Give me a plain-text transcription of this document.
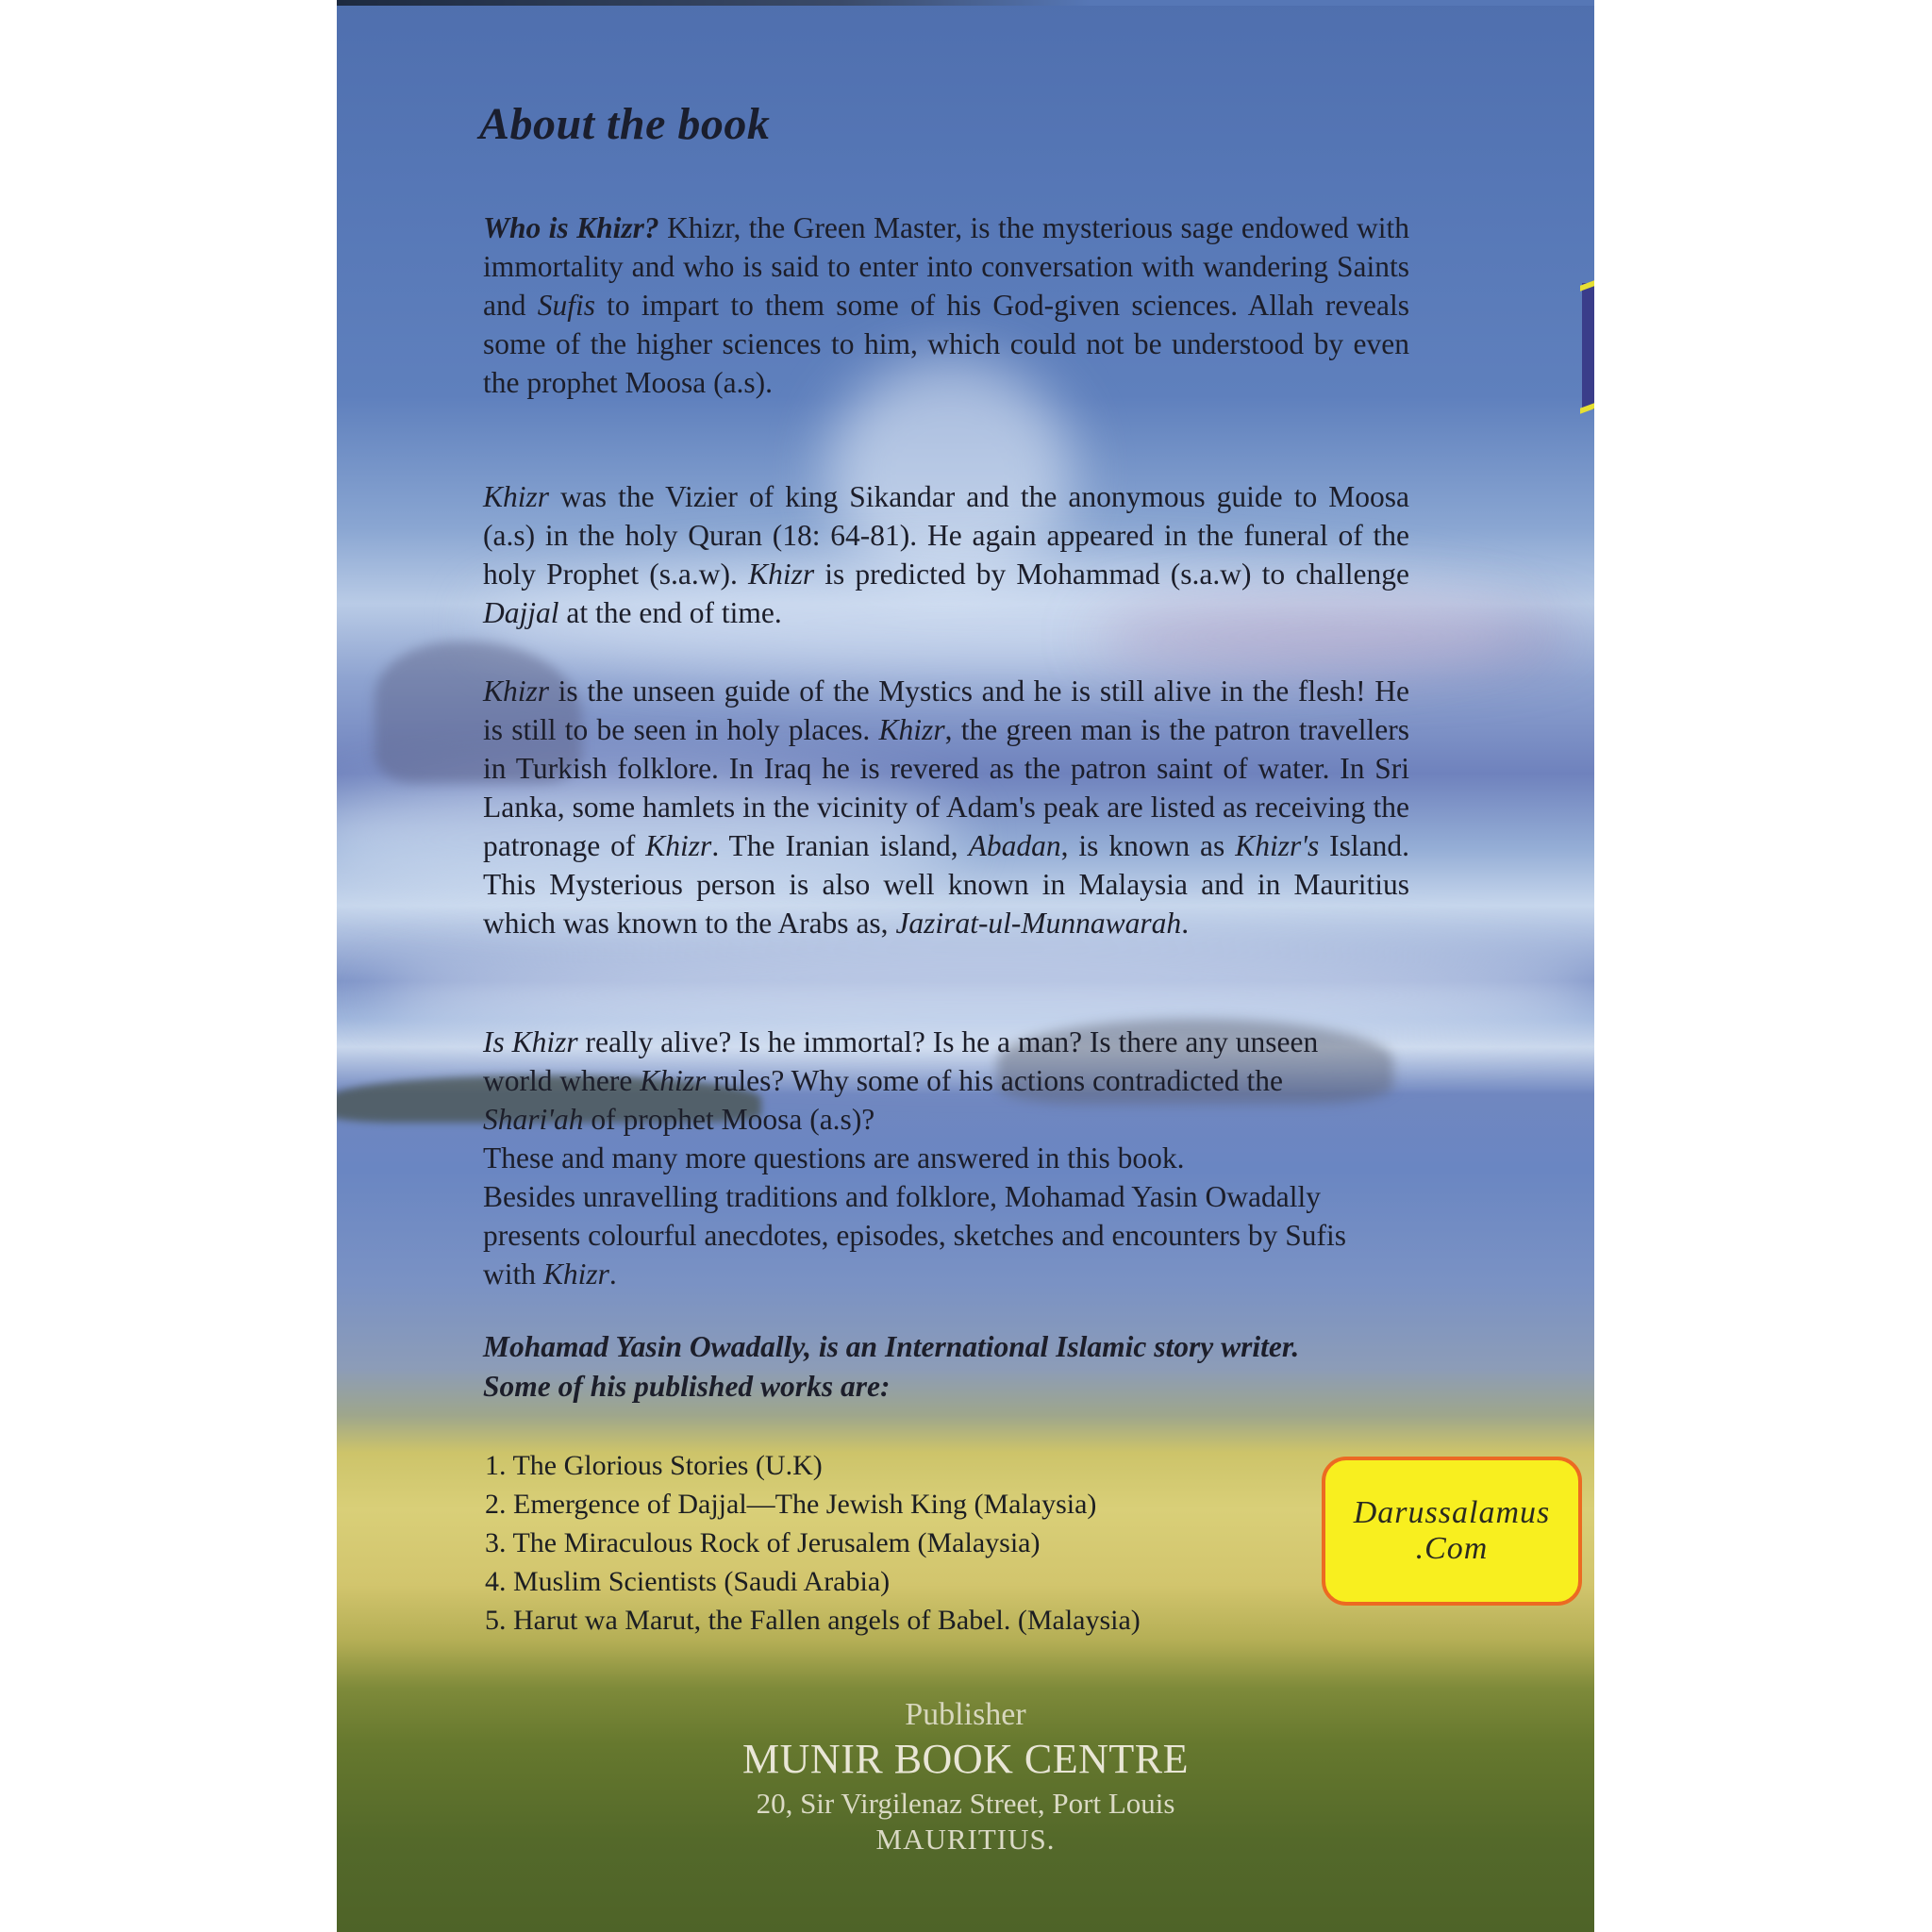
About the book

Who is Khizr? Khizr, the Green Master, is the mysterious sage endowed with immortality and who is said to enter into conversation with wandering Saints and Sufis to impart to them some of his God-given sciences. Allah reveals some of the higher sciences to him, which could not be understood by even the prophet Moosa (a.s).

Khizr was the Vizier of king Sikandar and the anonymous guide to Moosa (a.s) in the holy Quran (18: 64-81). He again appeared in the funeral of the holy Prophet (s.a.w). Khizr is predicted by Mohammad (s.a.w) to challenge Dajjal at the end of time.

Khizr is the unseen guide of the Mystics and he is still alive in the flesh! He is still to be seen in holy places. Khizr, the green man is the patron travellers in Turkish folklore. In Iraq he is revered as the patron saint of water. In Sri Lanka, some hamlets in the vicinity of Adam's peak are listed as receiving the patronage of Khizr. The Iranian island, Abadan, is known as Khizr's Island. This Mysterious person is also well known in Malaysia and in Mauritius which was known to the Arabs as, Jazirat-ul-Munnawarah.

Is Khizr really alive? Is he immortal? Is he a man? Is there any unseen world where Khizr rules? Why some of his actions contradicted the Shari'ah of prophet Moosa (a.s)?
These and many more questions are answered in this book.
Besides unravelling traditions and folklore, Mohamad Yasin Owadally presents colourful anecdotes, episodes, sketches and encounters by Sufis with Khizr.

Mohamad Yasin Owadally, is an International Islamic story writer.
Some of his published works are:

1. The Glorious Stories (U.K)
2. Emergence of Dajjal—The Jewish King (Malaysia)
3. The Miraculous Rock of Jerusalem (Malaysia)
4. Muslim Scientists (Saudi Arabia)
5. Harut wa Marut, the Fallen angels of Babel. (Malaysia)
Darussalamus
.Com
Publisher
MUNIR BOOK CENTRE
20, Sir Virgilenaz Street, Port Louis
MAURITIUS.
